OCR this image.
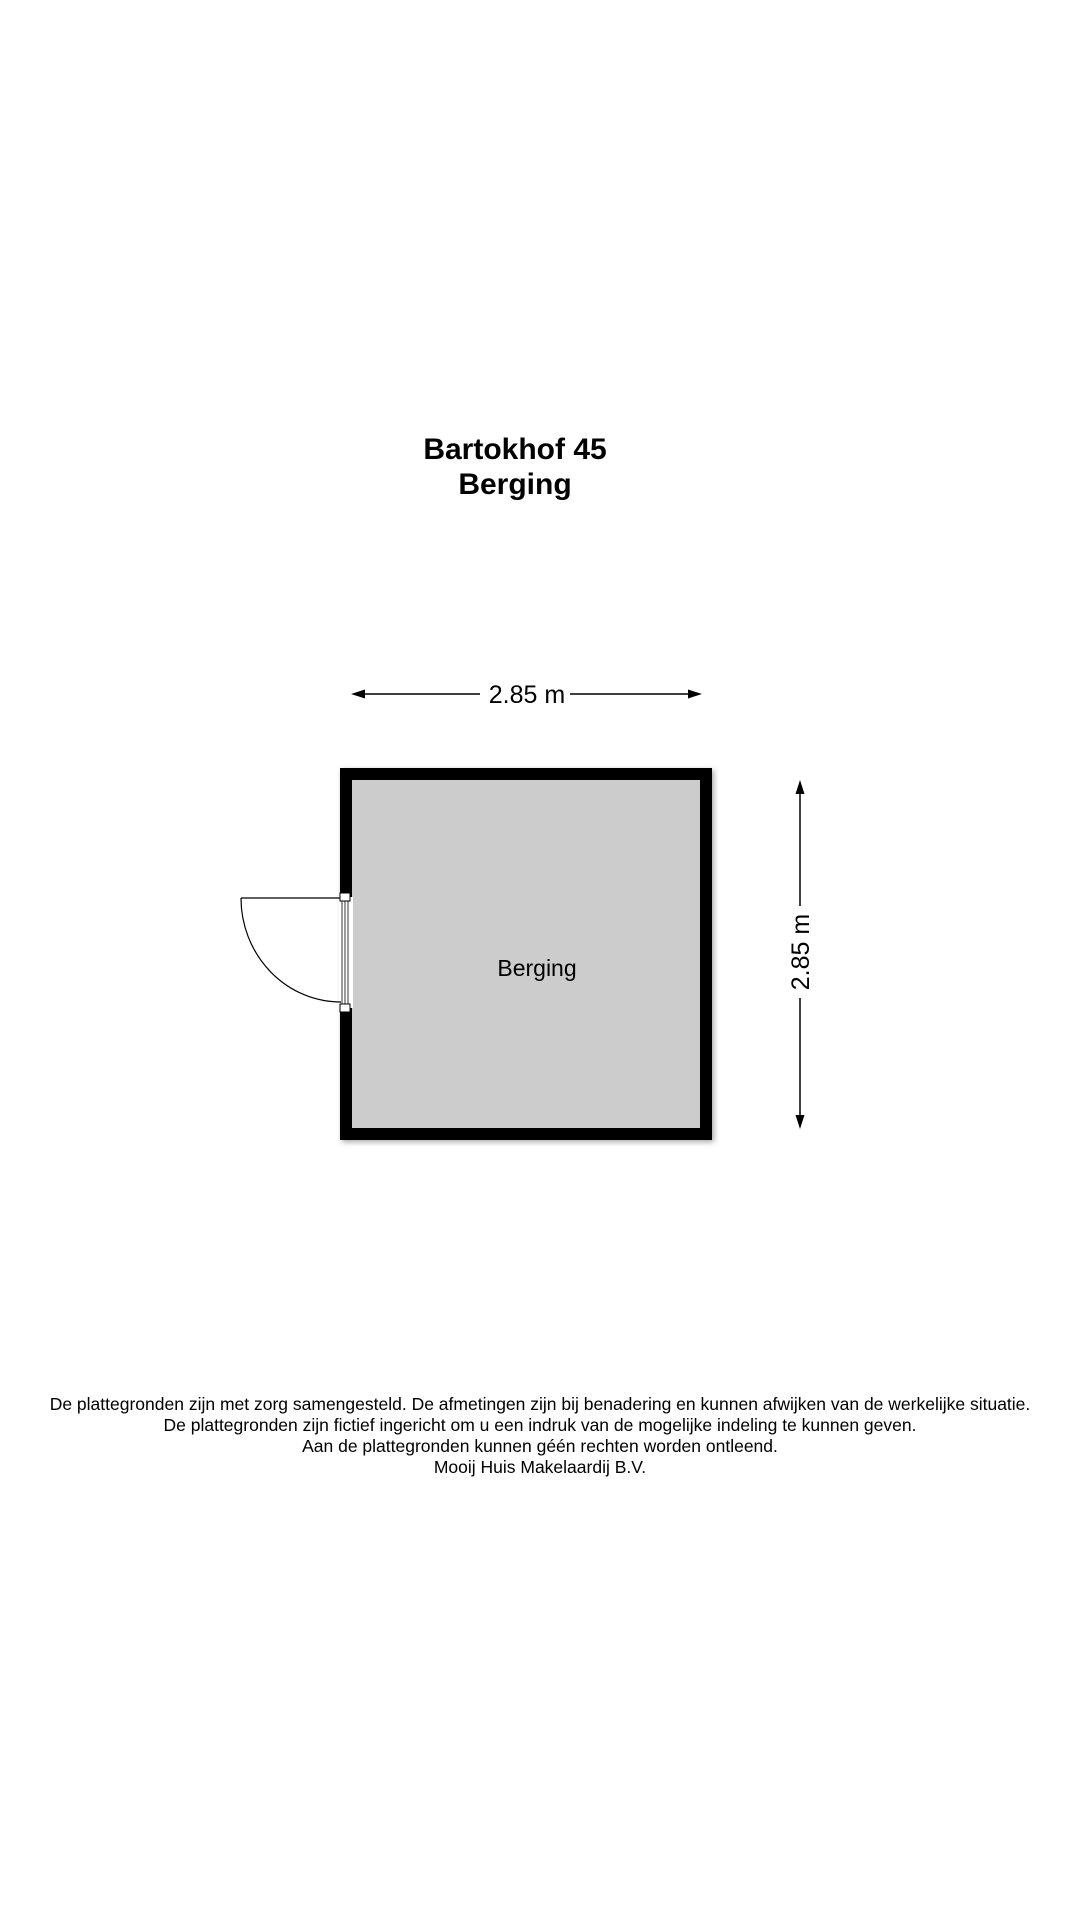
Bartokhof 45
Berging
2.85 m
2.85 m
Berging
De plattegronden zijn met zorg samengesteld. De afmetingen zijn bij benadering en kunnen afwijken van de werkelijke situatie.
De plattegronden zijn fictief ingericht om u een indruk van de mogelijke indeling te kunnen geven.
Aan de plattegronden kunnen géén rechten worden ontleend.
Mooij Huis Makelaardij B.V.
